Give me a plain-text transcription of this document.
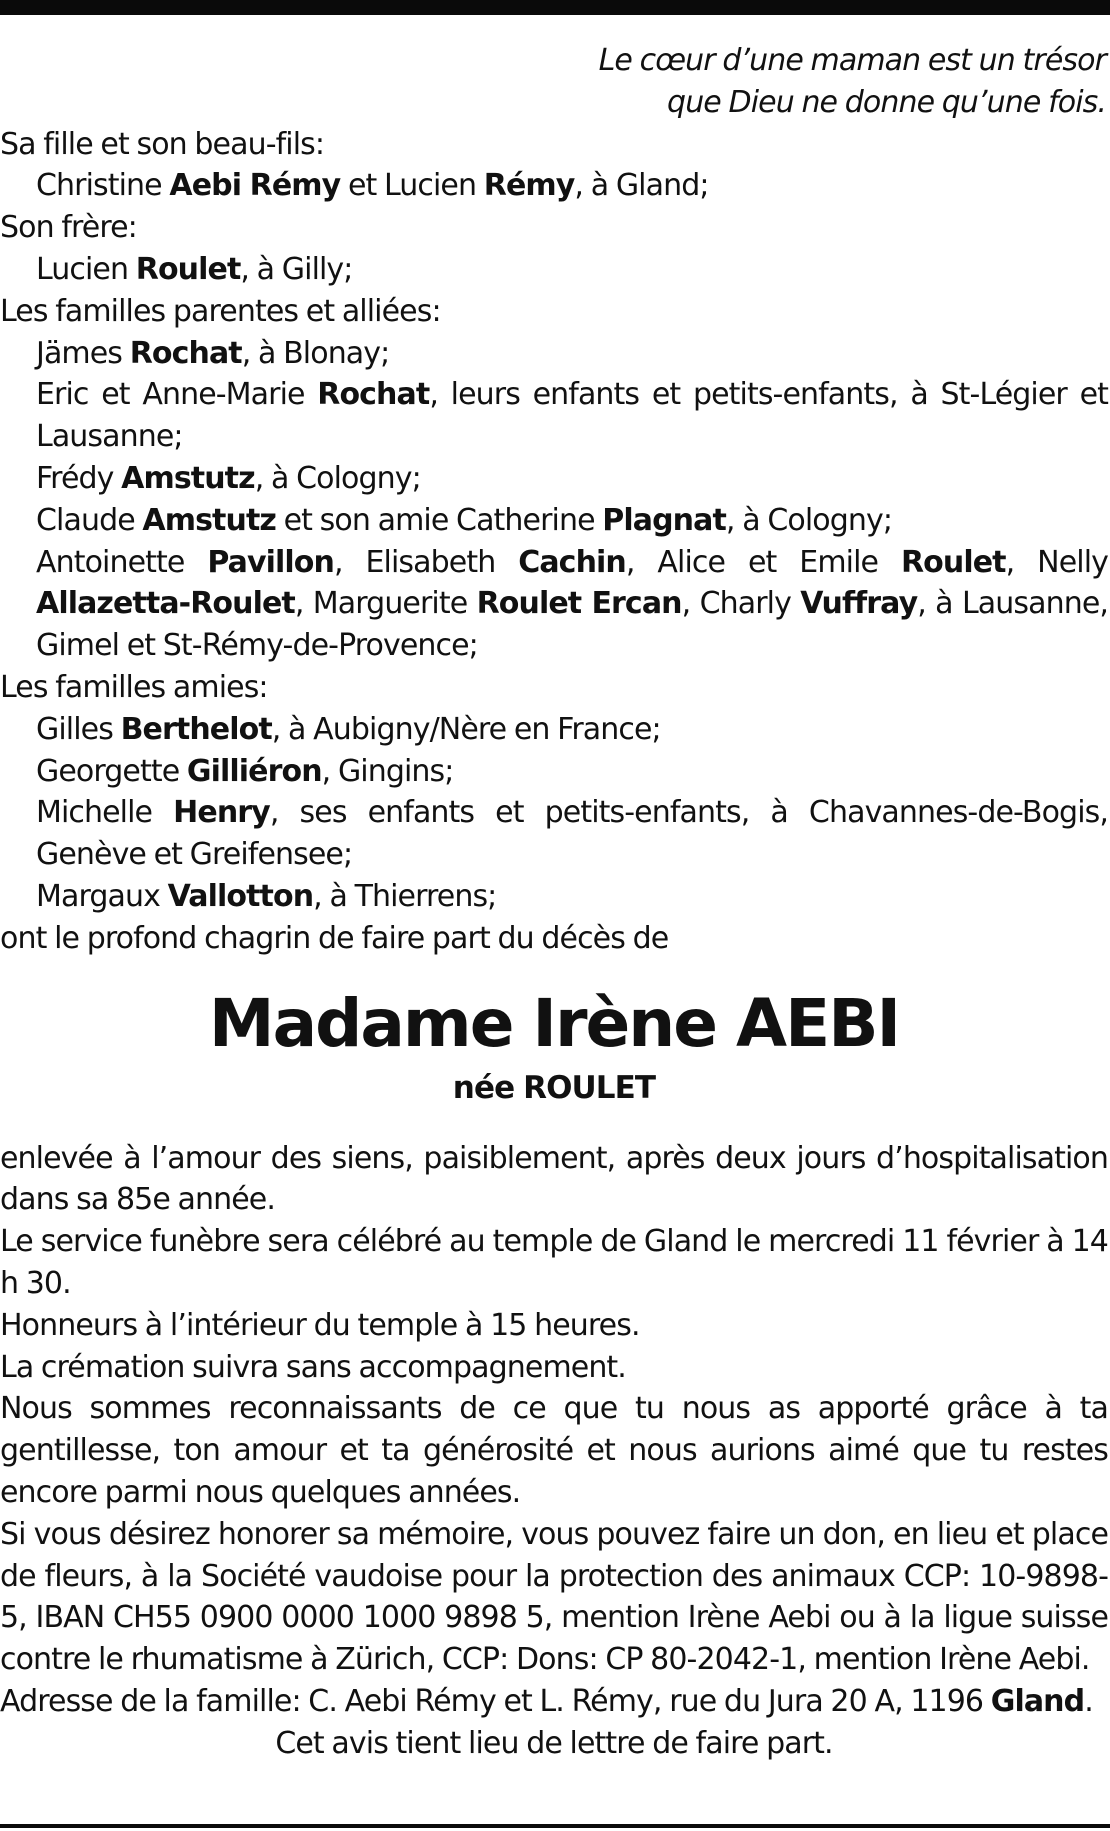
Le cœur d’une maman est un trésor
que Dieu ne donne qu’une fois.

Sa fille et son beau-fils:

Christine Aebi Rémy et Lucien Rémy, à Gland;

Son frère:

Lucien Roulet, à Gilly;

Les familles parentes et alliées:

Jämes Rochat, à Blonay;

Eric et Anne-Marie Rochat, leurs enfants et petits-enfants, à St-Légier et Lausanne;

Frédy Amstutz, à Cologny;

Claude Amstutz et son amie Catherine Plagnat, à Cologny;

Antoinette Pavillon, Elisabeth Cachin, Alice et Emile Roulet, Nelly Allazetta-Roulet, Marguerite Roulet Ercan, Charly Vuffray, à Lausanne, Gimel et St-Rémy-de-Provence;

Les familles amies:

Gilles Berthelot, à Aubigny/Nère en France;

Georgette Gilliéron, Gingins;

Michelle Henry, ses enfants et petits-enfants, à Chavannes-de-Bogis, Genève et Greifensee;

Margaux Vallotton, à Thierrens;

ont le profond chagrin de faire part du décès de

Madame Irène AEBI
née ROULET

enlevée à l’amour des siens, paisiblement, après deux jours d’hospitalisation dans sa 85e année.

Le service funèbre sera célébré au temple de Gland le mercredi 11 février à 14 h 30.

Honneurs à l’intérieur du temple à 15 heures.

La crémation suivra sans accompagnement.

Nous sommes reconnaissants de ce que tu nous as apporté grâce à ta gentillesse, ton amour et ta générosité et nous aurions aimé que tu restes encore parmi nous quelques années.

Si vous désirez honorer sa mémoire, vous pouvez faire un don, en lieu et place de fleurs, à la Société vaudoise pour la protection des animaux CCP: 10-9898-5, IBAN CH55 0900 0000 1000 9898 5, mention Irène Aebi ou à la ligue suisse contre le rhumatisme à Zürich, CCP: Dons: CP 80-2042-1, mention Irène Aebi.

Adresse de la famille: C. Aebi Rémy et L. Rémy, rue du Jura 20 A, 1196 Gland.

Cet avis tient lieu de lettre de faire part.
